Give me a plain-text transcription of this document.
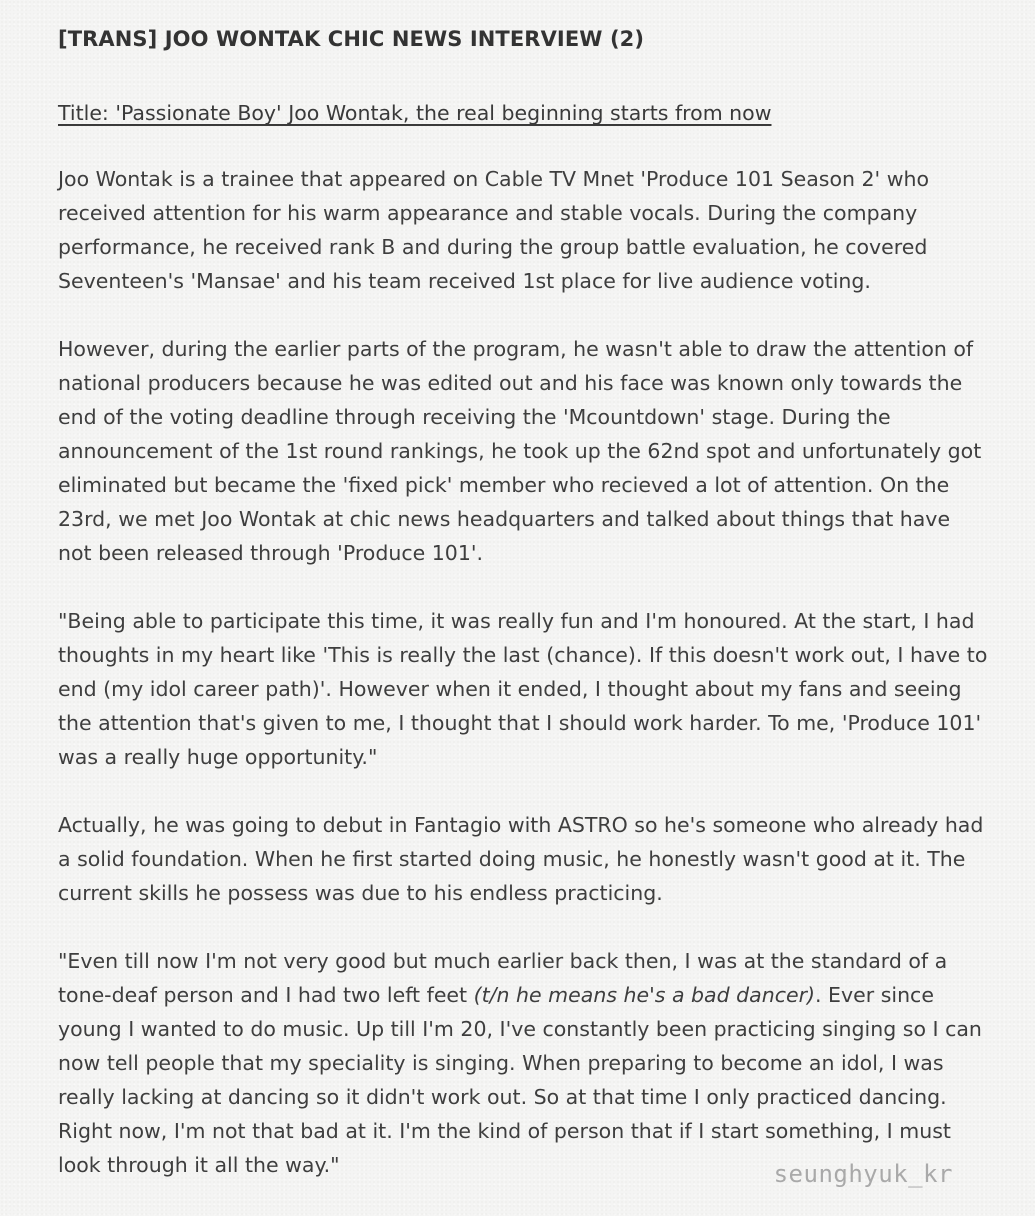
[TRANS] JOO WONTAK CHIC NEWS INTERVIEW (2)
Title: 'Passionate Boy' Joo Wontak, the real beginning starts from now

Joo Wontak is a trainee that appeared on Cable TV Mnet 'Produce 101 Season 2' who received attention for his warm appearance and stable vocals. During the company performance, he received rank B and during the group battle evaluation, he covered Seventeen's 'Mansae' and his team received 1st place for live audience voting.

However, during the earlier parts of the program, he wasn't able to draw the attention of national producers because he was edited out and his face was known only towards the end of the voting deadline through receiving the 'Mcountdown' stage. During the announcement of the 1st round rankings, he took up the 62nd spot and unfortunately got eliminated but became the 'fixed pick' member who recieved a lot of attention. On the 23rd, we met Joo Wontak at chic news headquarters and talked about things that have not been released through 'Produce 101'.

"Being able to participate this time, it was really fun and I'm honoured. At the start, I had thoughts in my heart like 'This is really the last (chance). If this doesn't work out, I have to end (my idol career path)'. However when it ended, I thought about my fans and seeing the attention that's given to me, I thought that I should work harder. To me, 'Produce 101' was a really huge opportunity."

Actually, he was going to debut in Fantagio with ASTRO so he's someone who already had a solid foundation. When he first started doing music, he honestly wasn't good at it. The current skills he possess was due to his endless practicing.

"Even till now I'm not very good but much earlier back then, I was at the standard of a tone-deaf person and I had two left feet (t/n he means he's a bad dancer). Ever since young I wanted to do music. Up till I'm 20, I've constantly been practicing singing so I can now tell people that my speciality is singing. When preparing to become an idol, I was really lacking at dancing so it didn't work out. So at that time I only practiced dancing. Right now, I'm not that bad at it. I'm the kind of person that if I start something, I must look through it all the way."	seunghyuk_kr
